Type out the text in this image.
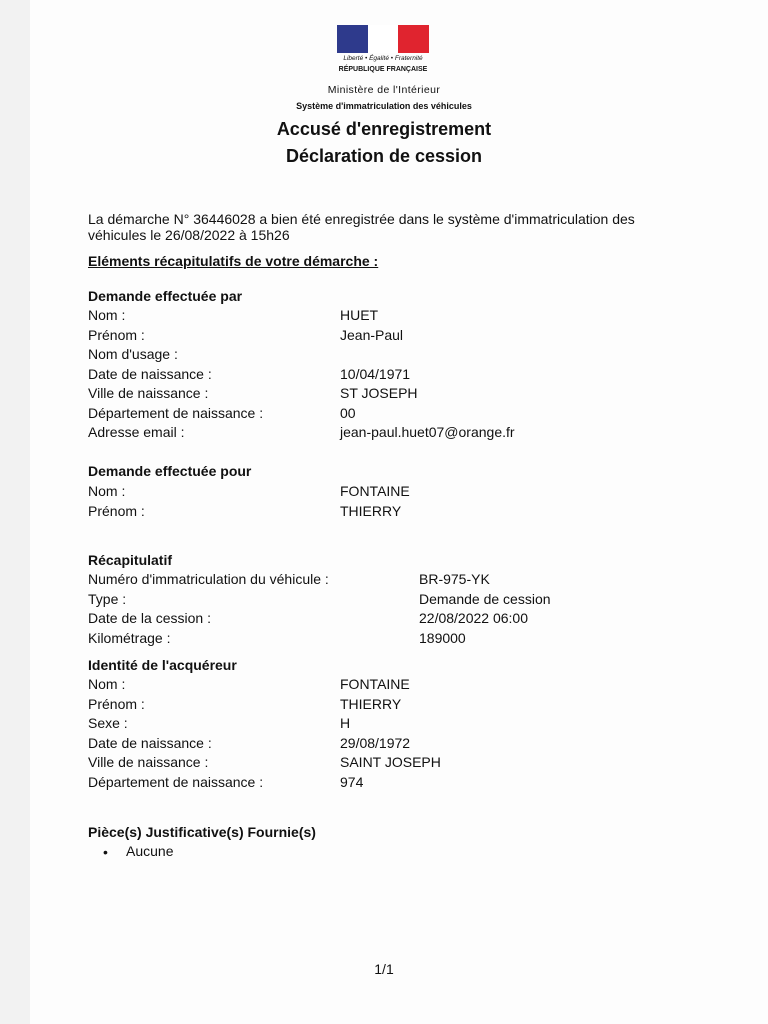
Liberté • Égalité • Fraternité
RÉPUBLIQUE FRANÇAISE
Ministère de l'Intérieur
Système d'immatriculation des véhicules
Accusé d'enregistrement
Déclaration de cession
La démarche N° 36446028 a bien été enregistrée dans le système d'immatriculation des véhicules le 26/08/2022 à 15h26
Eléments récapitulatifs de votre démarche :
Demande effectuée par
Nom :	HUET
Prénom :	Jean-Paul
Nom d'usage :
Date de naissance :	10/04/1971
Ville de naissance :	ST JOSEPH
Département de naissance :	00
Adresse email :	jean-paul.huet07@orange.fr
Demande effectuée pour
Nom :	FONTAINE
Prénom :	THIERRY
Récapitulatif
Numéro d'immatriculation du véhicule :	BR-975-YK
Type :	Demande de cession
Date de la cession :	22/08/2022 06:00
Kilométrage :	189000
Identité de l'acquéreur
Nom :	FONTAINE
Prénom :	THIERRY
Sexe :	H
Date de naissance :	29/08/1972
Ville de naissance :	SAINT JOSEPH
Département de naissance :	974
Pièce(s) Justificative(s) Fournie(s)
• Aucune
1/1
